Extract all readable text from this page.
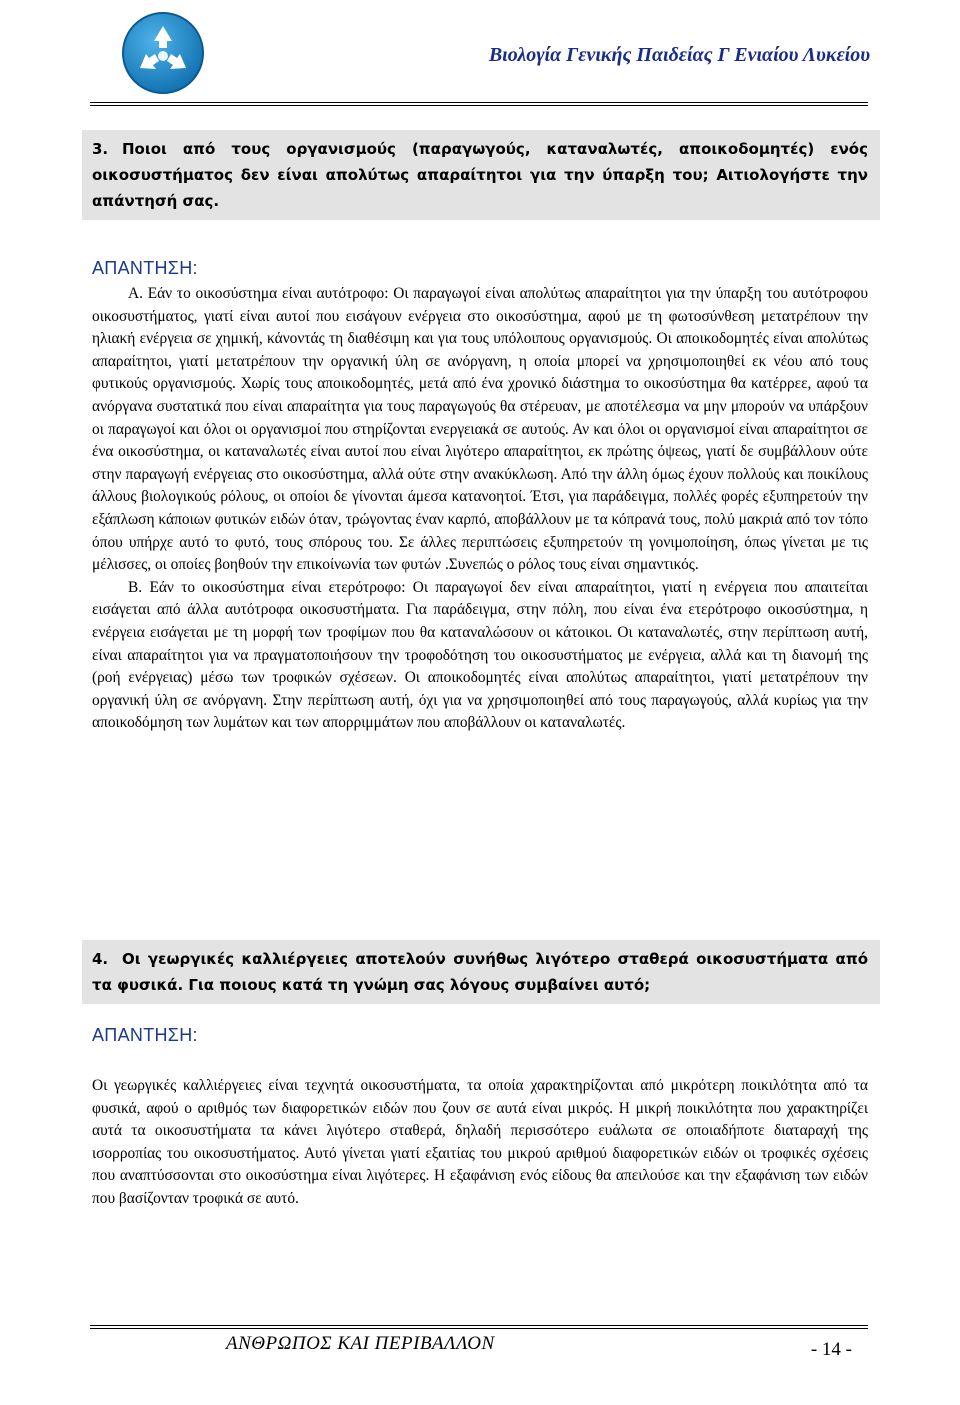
Βιολογία Γενικής Παιδείας Γ Ενιαίου Λυκείου

3. Ποιοι από τους οργανισμούς (παραγωγούς, καταναλωτές, αποικοδομητές) ενός οικοσυστήματος δεν είναι απολύτως απαραίτητοι για την ύπαρξη του; Αιτιολογήστε την απάντησή σας.

ΑΠΑΝΤΗΣΗ:

Α. Εάν το οικοσύστημα είναι αυτότροφο: Οι παραγωγοί είναι απολύτως απαραίτητοι για την ύπαρξη του αυτότροφου οικοσυστήματος, γιατί είναι αυτοί που εισάγουν ενέργεια στο οικοσύστημα, αφού με τη φωτοσύνθεση μετατρέπουν την ηλιακή ενέργεια σε χημική, κάνοντάς τη διαθέσιμη και για τους υπόλοιπους οργανισμούς. Οι αποικοδομητές είναι απολύτως απαραίτητοι, γιατί μετατρέπουν την οργανική ύλη σε ανόργανη, η οποία μπορεί να χρησιμοποιηθεί εκ νέου από τους φυτικούς οργανισμούς. Χωρίς τους αποικοδομητές, μετά από ένα χρονικό διάστημα το οικοσύστημα θα κατέρρεε, αφού τα ανόργανα συστατικά που είναι απαραίτητα για τους παραγωγούς θα στέρευαν, με αποτέλεσμα να μην μπορούν να υπάρξουν οι παραγωγοί και όλοι οι οργανισμοί που στηρίζονται ενεργειακά σε αυτούς. Αν και όλοι οι οργανισμοί είναι απαραίτητοι σε ένα οικοσύστημα, οι καταναλωτές είναι αυτοί που είναι λιγότερο απαραίτητοι, εκ πρώτης όψεως, γιατί δε συμβάλλουν ούτε στην παραγωγή ενέργειας στο οικοσύστημα, αλλά ούτε στην ανακύκλωση. Από την άλλη όμως έχουν πολλούς και ποικίλους άλλους βιολογικούς ρόλους, οι οποίοι δε γίνονται άμεσα κατανοητοί. Έτσι, για παράδειγμα, πολλές φορές εξυπηρετούν την εξάπλωση κάποιων φυτικών ειδών όταν, τρώγοντας έναν καρπό, αποβάλλουν με τα κόπρανά τους, πολύ μακριά από τον τόπο όπου υπήρχε αυτό το φυτό, τους σπόρους του. Σε άλλες περιπτώσεις εξυπηρετούν τη γονιμοποίηση, όπως γίνεται με τις μέλισσες, οι οποίες βοηθούν την επικοίνωνία των φυτών .Συνεπώς ο ρόλος τους είναι σημαντικός.

Β. Εάν το οικοσύστημα είναι ετερότροφο: Οι παραγωγοί δεν είναι απαραίτητοι, γιατί η ενέργεια που απαιτείται εισάγεται από άλλα αυτότροφα οικοσυστήματα. Για παράδειγμα, στην πόλη, που είναι ένα ετερότροφο οικοσύστημα, η ενέργεια εισάγεται με τη μορφή των τροφίμων που θα καταναλώσουν οι κάτοικοι. Οι καταναλωτές, στην περίπτωση αυτή, είναι απαραίτητοι για να πραγματοποιήσουν την τροφοδότηση του οικοσυστήματος με ενέργεια, αλλά και τη διανομή της (ροή ενέργειας) μέσω των τροφικών σχέσεων. Οι αποικοδομητές είναι απολύτως απαραίτητοι, γιατί μετατρέπουν την οργανική ύλη σε ανόργανη. Στην περίπτωση αυτή, όχι για να χρησιμοποιηθεί από τους παραγωγούς, αλλά κυρίως για την αποικοδόμηση των λυμάτων και των απορριμμάτων που αποβάλλουν οι καταναλωτές.

4. Οι γεωργικές καλλιέργειες αποτελούν συνήθως λιγότερο σταθερά οικοσυστήματα από τα φυσικά. Για ποιους κατά τη γνώμη σας λόγους συμβαίνει αυτό;

ΑΠΑΝΤΗΣΗ:

Οι γεωργικές καλλιέργειες είναι τεχνητά οικοσυστήματα, τα οποία χαρακτηρίζονται από μικρότερη ποικιλότητα από τα φυσικά, αφού ο αριθμός των διαφορετικών ειδών που ζουν σε αυτά είναι μικρός. Η μικρή ποικιλότητα που χαρακτηρίζει αυτά τα οικοσυστήματα τα κάνει λιγότερο σταθερά, δηλαδή περισσότερο ευάλωτα σε οποιαδήποτε διαταραχή της ισορροπίας του οικοσυστήματος. Αυτό γίνεται γιατί εξαιτίας του μικρού αριθμού διαφορετικών ειδών οι τροφικές σχέσεις που αναπτύσσονται στο οικοσύστημα είναι λιγότερες. Η εξαφάνιση ενός είδους θα απειλούσε και την εξαφάνιση των ειδών που βασίζονταν τροφικά σε αυτό.

ΑΝΘΡΩΠΟΣ ΚΑΙ ΠΕΡΙΒΑΛΛΟΝ	- 14 -
